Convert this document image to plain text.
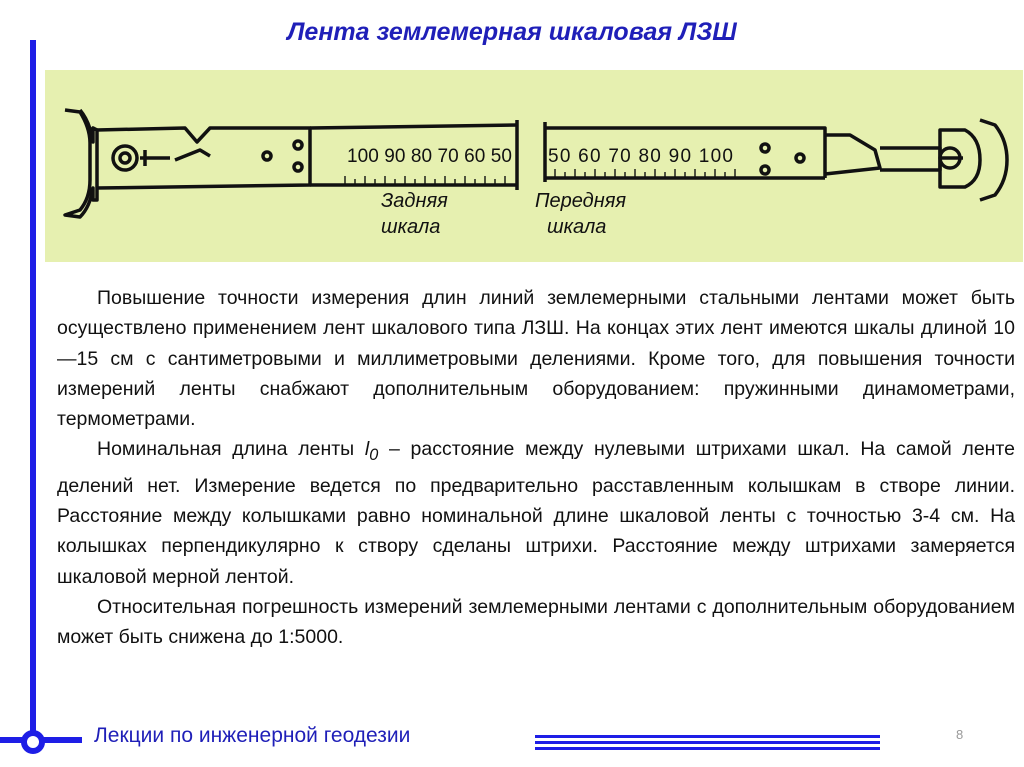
Лента землемерная шкаловая ЛЗШ
100 90 80 70 60 50 50 60 70 80 90 100
Задняя
шкала
Передняя
шкала

Повышение точности измерения длин линий землемерными стальными лентами может быть осуществлено применением лент шкалового типа ЛЗШ. На концах этих лент имеются шкалы длиной 10—15 см с сантиметровыми и миллиметровыми делениями. Кроме того, для повышения точности измерений ленты снабжают дополнительным оборудованием: пружинными динамометрами, термометрами.

Номинальная длина ленты $l_0$ – расстояние между нулевыми штрихами шкал. На самой ленте делений нет. Измерение ведется по предварительно расставленным колышкам в створе линии. Расстояние между колышками равно номинальной длине шкаловой ленты с точностью 3-4 см. На колышках перпендикулярно к створу сделаны штрихи. Расстояние между штрихами замеряется шкаловой мерной лентой.

Относительная погрешность измерений землемерными лентами с дополнительным оборудованием может быть снижена до 1:5000.

Лекции по инженерной геодезии	8
